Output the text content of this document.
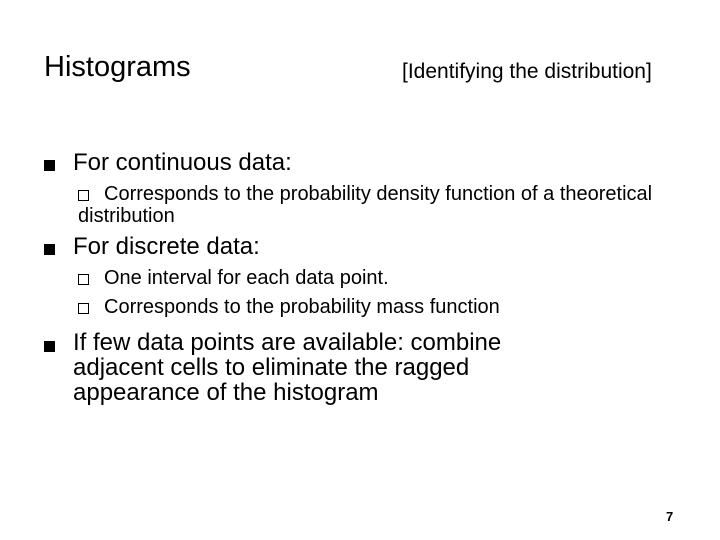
Histograms	[Identifying the distribution]
For continuous data:
Corresponds to the probability density function of a theoretical distribution
For discrete data:
One interval for each data point.
Corresponds to the probability mass function
If few data points are available: combine adjacent cells to eliminate the ragged appearance of the histogram
7
